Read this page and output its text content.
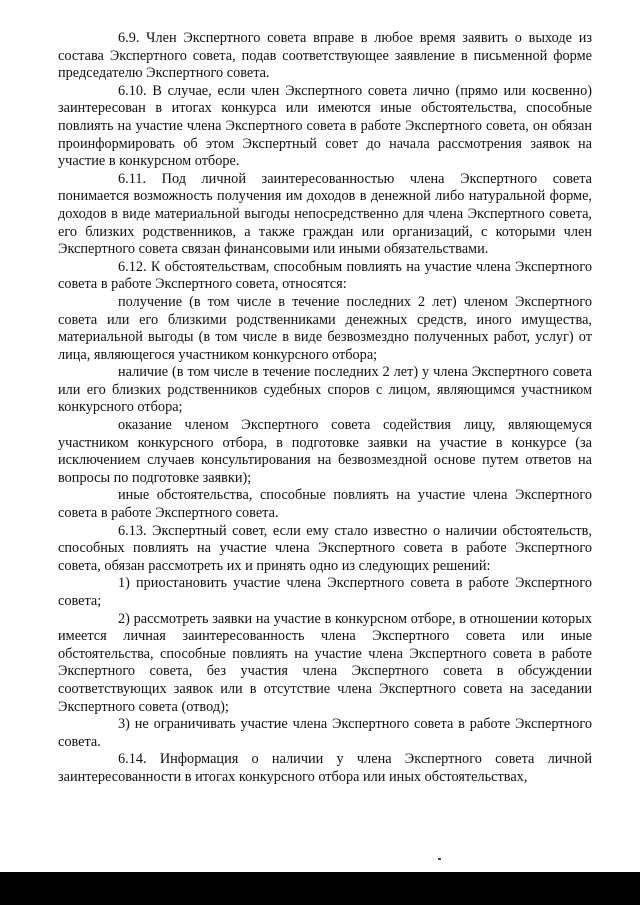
6.9. Член Экспертного совета вправе в любое время заявить о выходе из состава Экспертного совета, подав соответствующее заявление в письменной форме председателю Экспертного совета.

6.10. В случае, если член Экспертного совета лично (прямо или косвенно) заинтересован в итогах конкурса или имеются иные обстоятельства, способные повлиять на участие члена Экспертного совета в работе Экспертного совета, он обязан проинформировать об этом Экспертный совет до начала рассмотрения заявок на участие в конкурсном отборе.

6.11. Под личной заинтересованностью члена Экспертного совета понимается возможность получения им доходов в денежной либо натуральной форме, доходов в виде материальной выгоды непосредственно для члена Экспертного совета, его близких родственников, а также граждан или организаций, с которыми член Экспертного совета связан финансовыми или иными обязательствами.

6.12. К обстоятельствам, способным повлиять на участие члена Экспертного совета в работе Экспертного совета, относятся:

получение (в том числе в течение последних 2 лет) членом Экспертного совета или его близкими родственниками денежных средств, иного имущества, материальной выгоды (в том числе в виде безвозмездно полученных работ, услуг) от лица, являющегося участником конкурсного отбора;

наличие (в том числе в течение последних 2 лет) у члена Экспертного совета или его близких родственников судебных споров с лицом, являющимся участником конкурсного отбора;

оказание членом Экспертного совета содействия лицу, являющемуся участником конкурсного отбора, в подготовке заявки на участие в конкурсе (за исключением случаев консультирования на безвозмездной основе путем ответов на вопросы по подготовке заявки);

иные обстоятельства, способные повлиять на участие члена Экспертного совета в работе Экспертного совета.

6.13. Экспертный совет, если ему стало известно о наличии обстоятельств, способных повлиять на участие члена Экспертного совета в работе Экспертного совета, обязан рассмотреть их и принять одно из следующих решений:

1) приостановить участие члена Экспертного совета в работе Экспертного совета;

2) рассмотреть заявки на участие в конкурсном отборе, в отношении которых имеется личная заинтересованность члена Экспертного совета или иные обстоятельства, способные повлиять на участие члена Экспертного совета в работе Экспертного совета, без участия члена Экспертного совета в обсуждении соответствующих заявок или в отсутствие члена Экспертного совета на заседании Экспертного совета (отвод);

3) не ограничивать участие члена Экспертного совета в работе Экспертного совета.

6.14. Информация о наличии у члена Экспертного совета личной заинтересованности в итогах конкурсного отбора или иных обстоятельствах,
